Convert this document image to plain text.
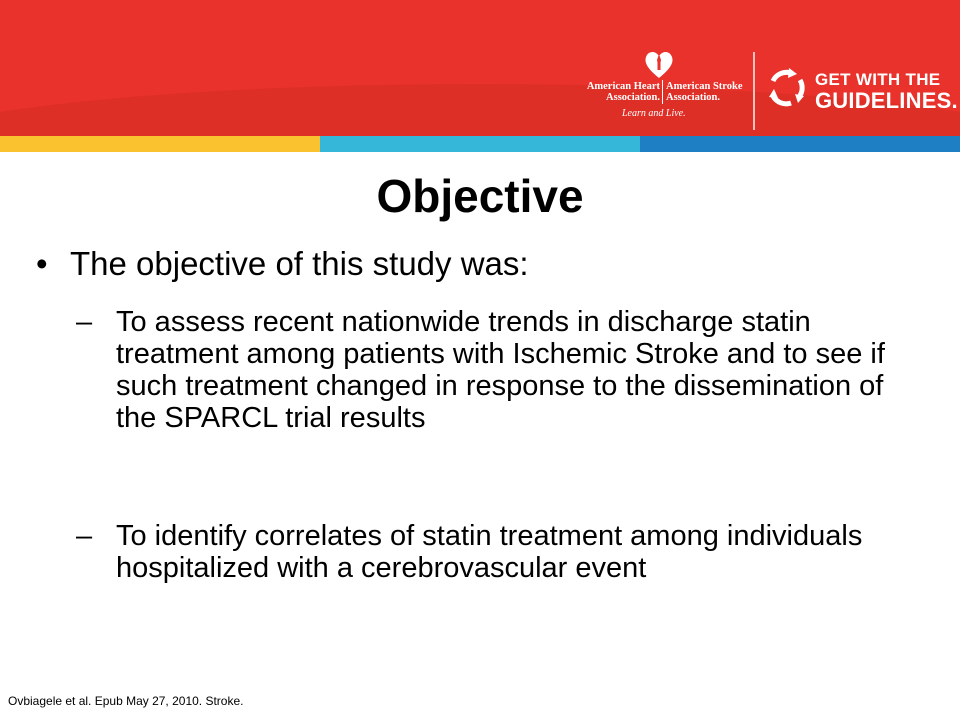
American Heart
Association.
American Stroke
Association.
Learn and Live.
GET WITH THE
GUIDELINES.
Objective
• The objective of this study was:
– To assess recent nationwide trends in discharge statin treatment among patients with Ischemic Stroke and to see if such treatment changed in response to the dissemination of the SPARCL trial results
– To identify correlates of statin treatment among individuals hospitalized with a cerebrovascular event
Ovbiagele et al. Epub May 27, 2010. Stroke.
